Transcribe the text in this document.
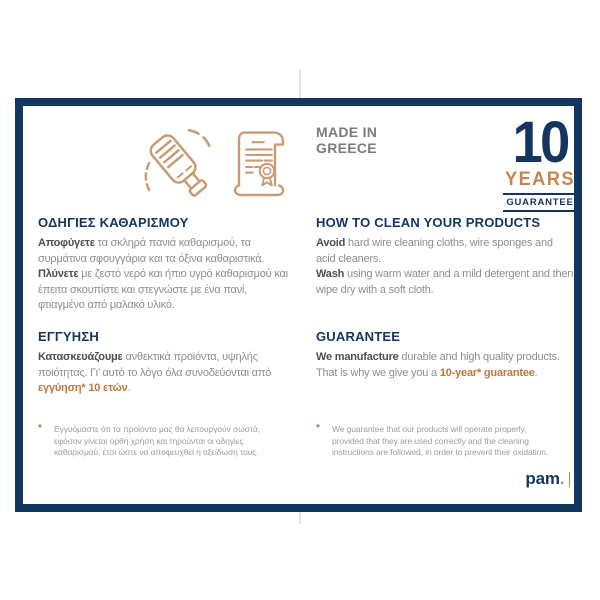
MADE IN
GREECE 10
YEARS
GUARANTEE
ΟΔΗΓΙΕΣ ΚΑΘΑΡΙΣΜΟΥ

Αποφύγετε τα σκληρά πανιά καθαρισμού, τα συρμάτινα σφουγγάρια και τα όξινα καθαριστικά.

Πλύνετε με ζεστό νερό και ήπιο υγρό καθαρισμού και έπειτα σκουπίστε και στεγνώστε με ένα πανί, φτιαγμένο από μαλακό υλικό.

HOW TO CLEAN YOUR PRODUCTS

Avoid hard wire cleaning cloths, wire sponges and acid cleaners.

Wash using warm water and a mild detergent and then wipe dry with a soft cloth.

ΕΓΓΥΗΣΗ

Κατασκευάζουμε ανθεκτικά προϊόντα, υψηλής ποιότητας. Γι’ αυτό το λόγο όλα συνοδεύονται από εγγύηση* 10 ετών.

GUARANTEE

We manufacture durable and high quality products. That is why we give you a 10-year* guarantee.

* Εγγυόμαστε ότι τα προϊόντα μας θα λειτουργούν σωστά,
εφόσον γίνεται ορθή χρήση και τηρούνται οι οδηγίες
καθαρισμού, έτσι ώστε να αποφευχθεί η οξείδωση τους.
* We guarantee that our products will operate properly,
provided that they are used correctly and the cleaning
instructions are followed, in order to prevent their oxidation.
pam .
